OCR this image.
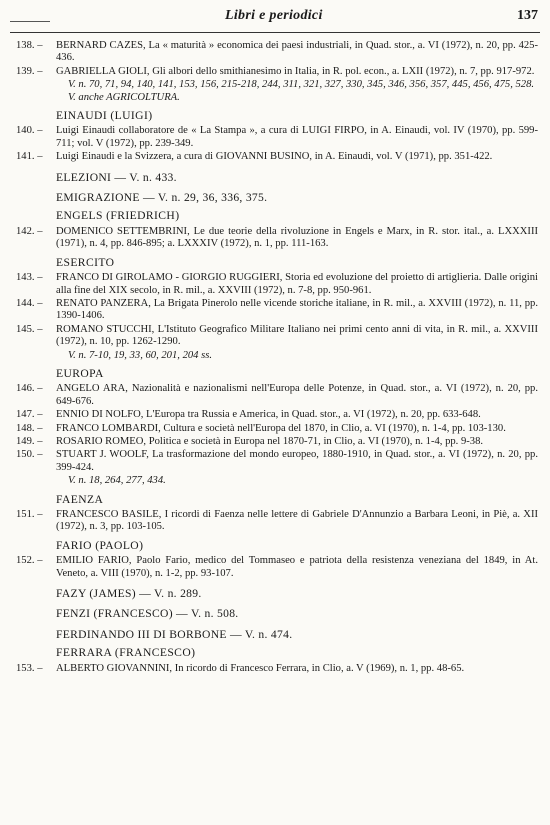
Libri e periodici	137
138. –	BERNARD CAZES, La « maturità » economica dei paesi industriali, in Quad. stor., a. VI (1972), n. 20, pp. 425-436.
139. –	GABRIELLA GIOLI, Gli albori dello smithianesimo in Italia, in R. pol. econ., a. LXII (1972), n. 7, pp. 917-972.
V. n. 70, 71, 94, 140, 141, 153, 156, 215-218, 244, 311, 321, 327, 330, 345, 346, 356, 357, 445, 456, 475, 528. V. anche AGRICOLTURA.
EINAUDI (LUIGI)
140. –	Luigi Einaudi collaboratore de « La Stampa », a cura di LUIGI FIRPO, in A. Einaudi, vol. IV (1970), pp. 599-711; vol. V (1972), pp. 239-349.
141. –	Luigi Einaudi e la Svizzera, a cura di GIOVANNI BUSINO, in A. Einaudi, vol. V (1971), pp. 351-422.
ELEZIONI — V. n. 433.
EMIGRAZIONE — V. n. 29, 36, 336, 375.
ENGELS (FRIEDRICH)
142. –	DOMENICO SETTEMBRINI, Le due teorie della rivoluzione in Engels e Marx, in R. stor. ital., a. LXXXIII (1971), n. 4, pp. 846-895; a. LXXXIV (1972), n. 1, pp. 111-163.
ESERCITO
143. –	FRANCO DI GIROLAMO - GIORGIO RUGGIERI, Storia ed evoluzione del proietto di artiglieria. Dalle origini alla fine del XIX secolo, in R. mil., a. XXVIII (1972), n. 7-8, pp. 950-961.
144. –	RENATO PANZERA, La Brigata Pinerolo nelle vicende storiche italiane, in R. mil., a. XXVIII (1972), n. 11, pp. 1390-1406.
145. –	ROMANO STUCCHI, L'Istituto Geografico Militare Italiano nei primi cento anni di vita, in R. mil., a. XXVIII (1972), n. 10, pp. 1262-1290.
V. n. 7-10, 19, 33, 60, 201, 204 ss.
EUROPA
146. –	ANGELO ARA, Nazionalità e nazionalismi nell'Europa delle Potenze, in Quad. stor., a. VI (1972), n. 20, pp. 649-676.
147. –	ENNIO DI NOLFO, L'Europa tra Russia e America, in Quad. stor., a. VI (1972), n. 20, pp. 633-648.
148. –	FRANCO LOMBARDI, Cultura e società nell'Europa del 1870, in Clio, a. VI (1970), n. 1-4, pp. 103-130.
149. –	ROSARIO ROMEO, Politica e società in Europa nel 1870-71, in Clio, a. VI (1970), n. 1-4, pp. 9-38.
150. –	STUART J. WOOLF, La trasformazione del mondo europeo, 1880-1910, in Quad. stor., a. VI (1972), n. 20, pp. 399-424.
V. n. 18, 264, 277, 434.
FAENZA
151. –	FRANCESCO BASILE, I ricordi di Faenza nelle lettere di Gabriele D'Annunzio a Barbara Leoni, in Piè, a. XII (1972), n. 3, pp. 103-105.
FARIO (PAOLO)
152. –	EMILIO FARIO, Paolo Fario, medico del Tommaseo e patriota della resistenza veneziana del 1849, in At. Veneto, a. VIII (1970), n. 1-2, pp. 93-107.
FAZY (JAMES) — V. n. 289.
FENZI (FRANCESCO) — V. n. 508.
FERDINANDO III DI BORBONE — V. n. 474.
FERRARA (FRANCESCO)
153. –	ALBERTO GIOVANNINI, In ricordo di Francesco Ferrara, in Clio, a. V (1969), n. 1, pp. 48-65.
